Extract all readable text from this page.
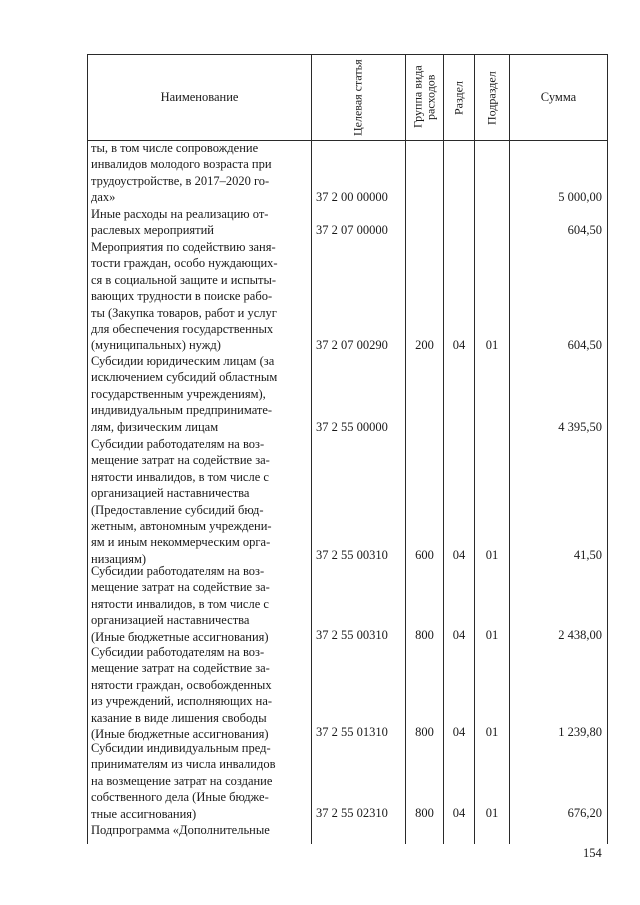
Наименование	Целевая статья	Группа вида расходов	Раздел	Подраздел	Сумма
ты, в том числе сопровождение
инвалидов молодого возраста при
трудоустройстве, в 2017–2020 го-
дах»	37 2 00 00000	5 000,00
Иные расходы на реализацию от-
раслевых мероприятий	37 2 07 00000	604,50
Мероприятия по содействию заня-
тости граждан, особо нуждающих-
ся в социальной защите и испыты-
вающих трудности в поиске рабо-
ты (Закупка товаров, работ и услуг
для обеспечения государственных
(муниципальных) нужд)	37 2 07 00290	200	04	01	604,50
Субсидии юридическим лицам (за
исключением субсидий областным
государственным учреждениям),
индивидуальным предпринимате-
лям, физическим лицам	37 2 55 00000	4 395,50
Субсидии работодателям на воз-
мещение затрат на содействие за-
нятости инвалидов, в том числе с
организацией наставничества
(Предоставление субсидий бюд-
жетным, автономным учреждени-
ям и иным некоммерческим орга-
низациям)	37 2 55 00310	600	04	01	41,50
Субсидии работодателям на воз-
мещение затрат на содействие за-
нятости инвалидов, в том числе с
организацией наставничества
(Иные бюджетные ассигнования)	37 2 55 00310	800	04	01	2 438,00
Субсидии работодателям на воз-
мещение затрат на содействие за-
нятости граждан, освобожденных
из учреждений, исполняющих на-
казание в виде лишения свободы
(Иные бюджетные ассигнования)	37 2 55 01310	800	04	01	1 239,80
Субсидии индивидуальным пред-
принимателям из числа инвалидов
на возмещение затрат на создание
собственного дела (Иные бюдже-
тные ассигнования)	37 2 55 02310	800	04	01	676,20
Подпрограмма «Дополнительные
154
